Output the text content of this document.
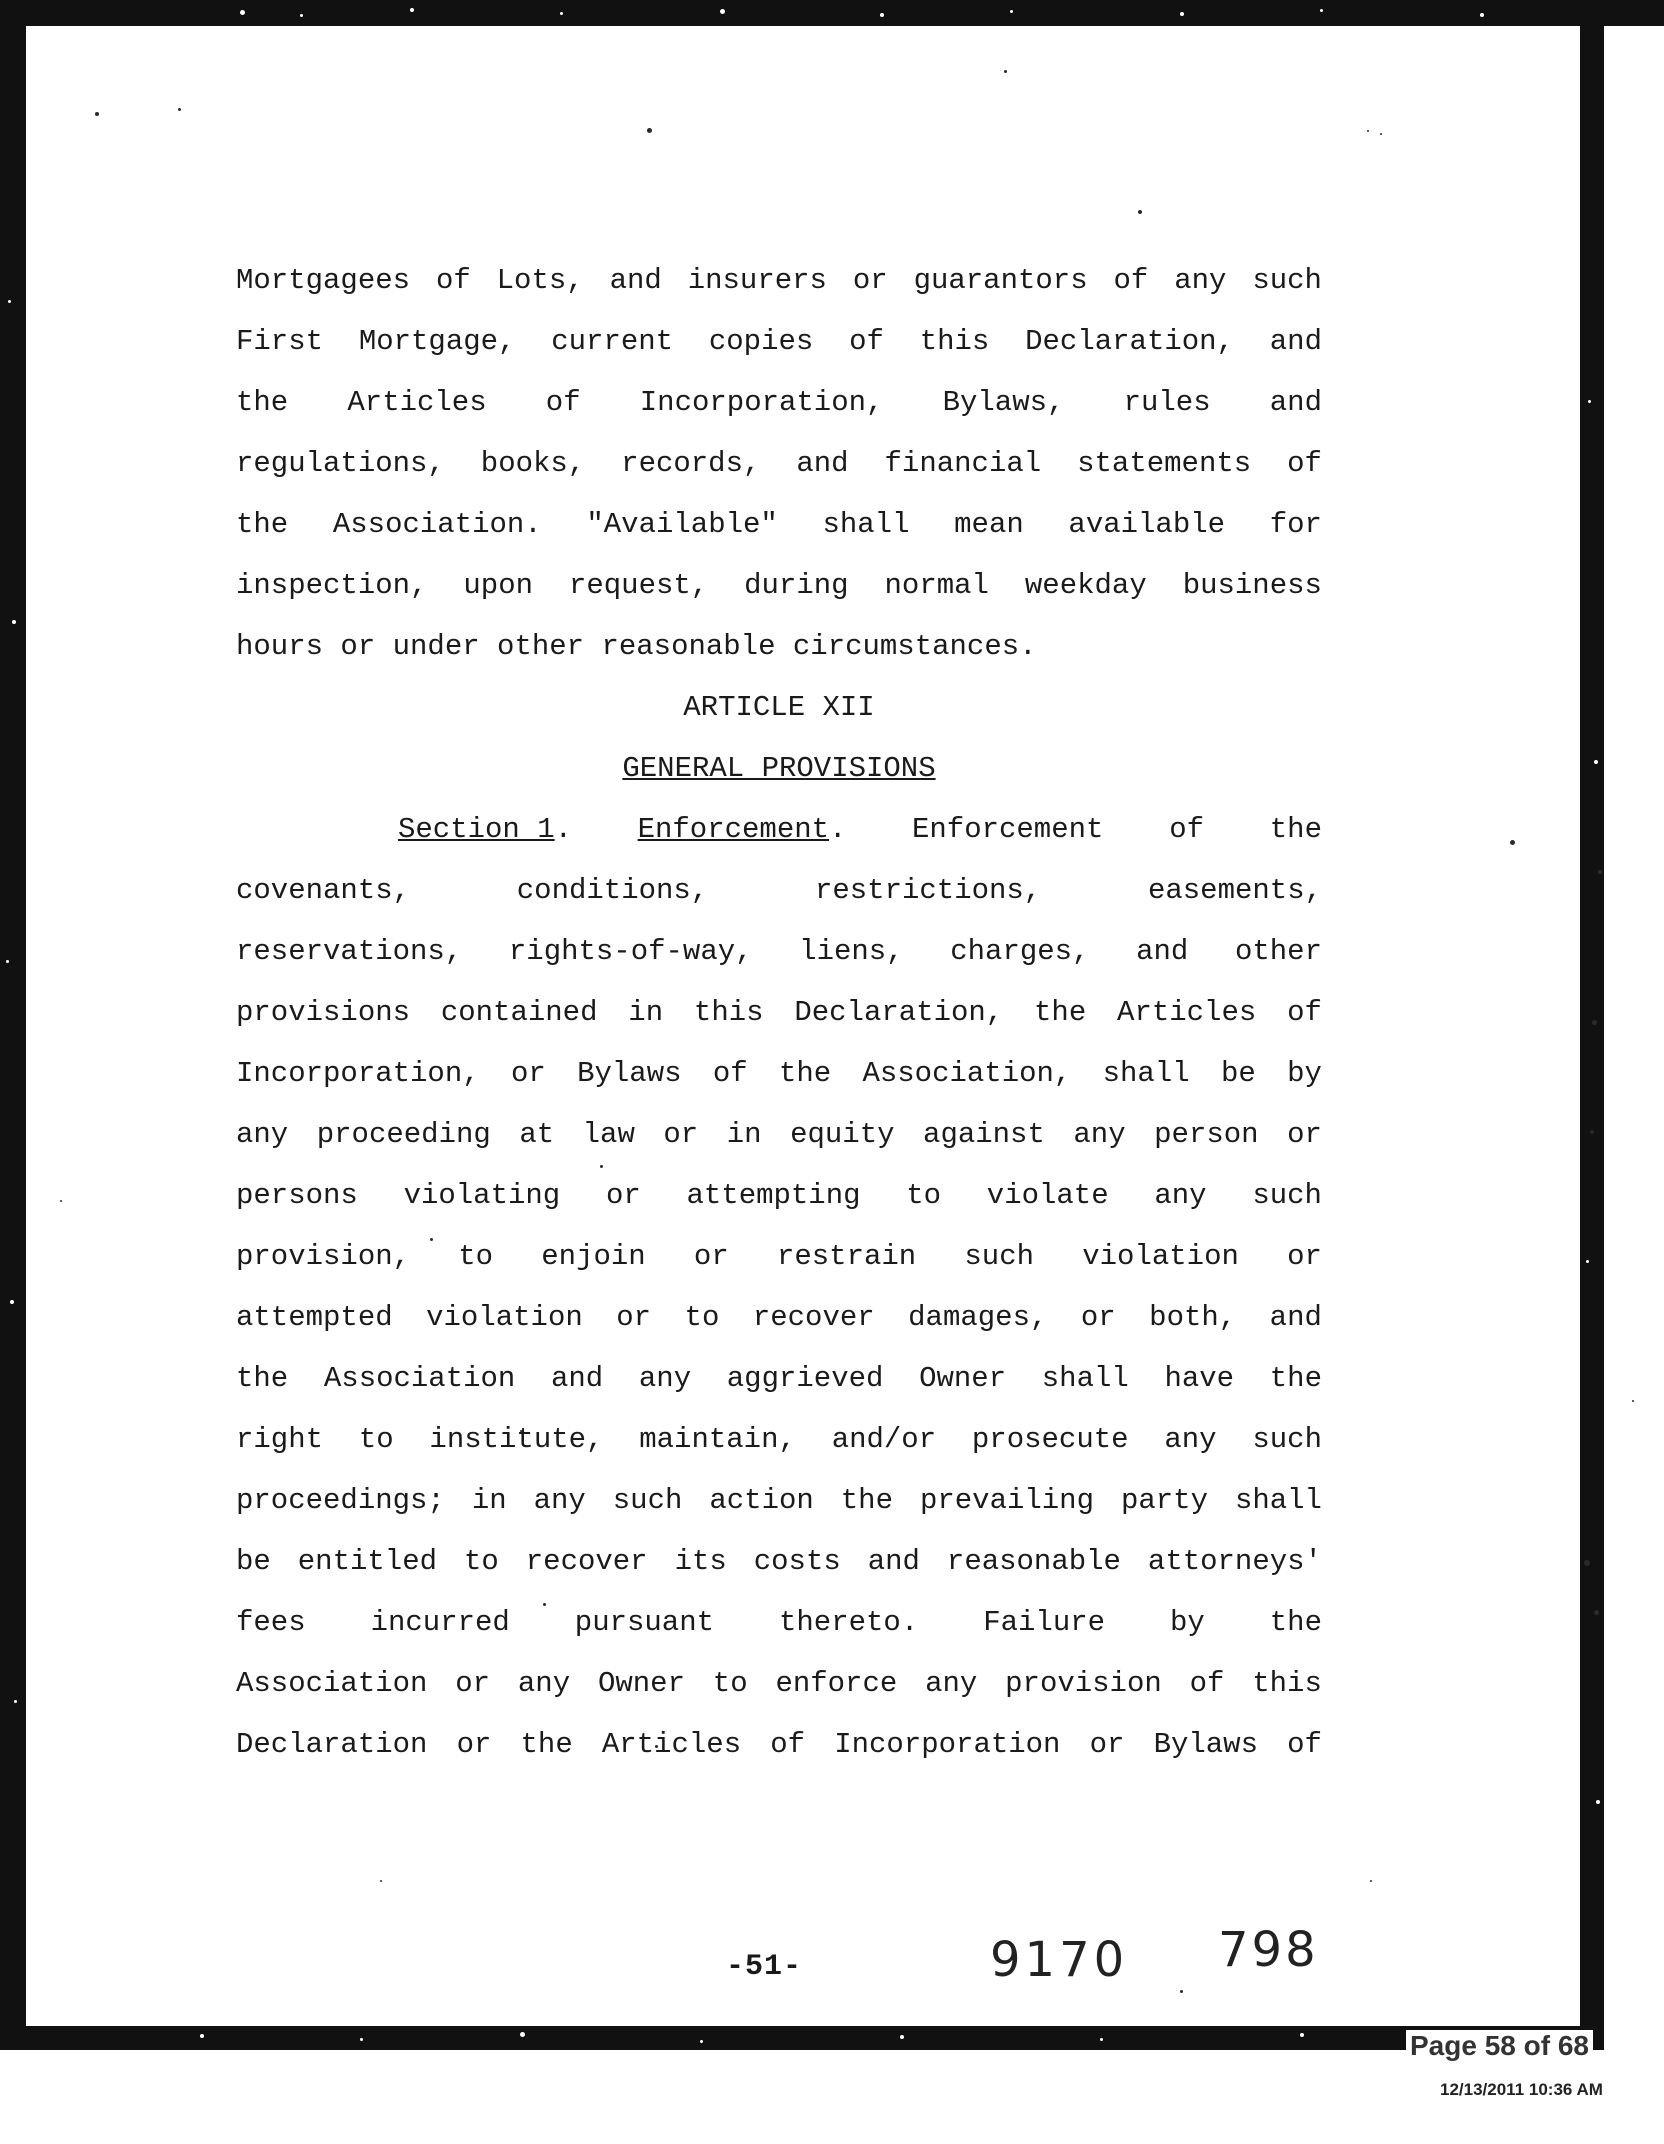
Mortgagees of Lots, and insurers or guarantors of any such
First Mortgage, current copies of this Declaration, and
the Articles of Incorporation, Bylaws, rules and
regulations, books, records, and financial statements of
the Association. "Available" shall mean available for
inspection, upon request, during normal weekday business
hours or under other reasonable circumstances.
ARTICLE XII
GENERAL PROVISIONS
Section 1. Enforcement. Enforcement of the
covenants,	conditions,	restrictions,	easements,
reservations, rights-of-way, liens, charges, and other
provisions contained in this Declaration, the Articles of
Incorporation, or Bylaws of the Association, shall be by
any proceeding at law or in equity against any person or
persons violating or attempting to violate any such
provision, to enjoin or restrain such violation or
attempted violation or to recover damages, or both, and
the Association and any aggrieved Owner shall have the
right to institute, maintain, and/or prosecute any such
proceedings; in any such action the prevailing party shall
be entitled to recover its costs and reasonable attorneys'
fees incurred pursuant thereto. Failure by the
Association or any Owner to enforce any provision of this
Declaration or the Articles of Incorporation or Bylaws of
-51-	9170 798
Page 58 of 68
12/13/2011 10:36 AM
